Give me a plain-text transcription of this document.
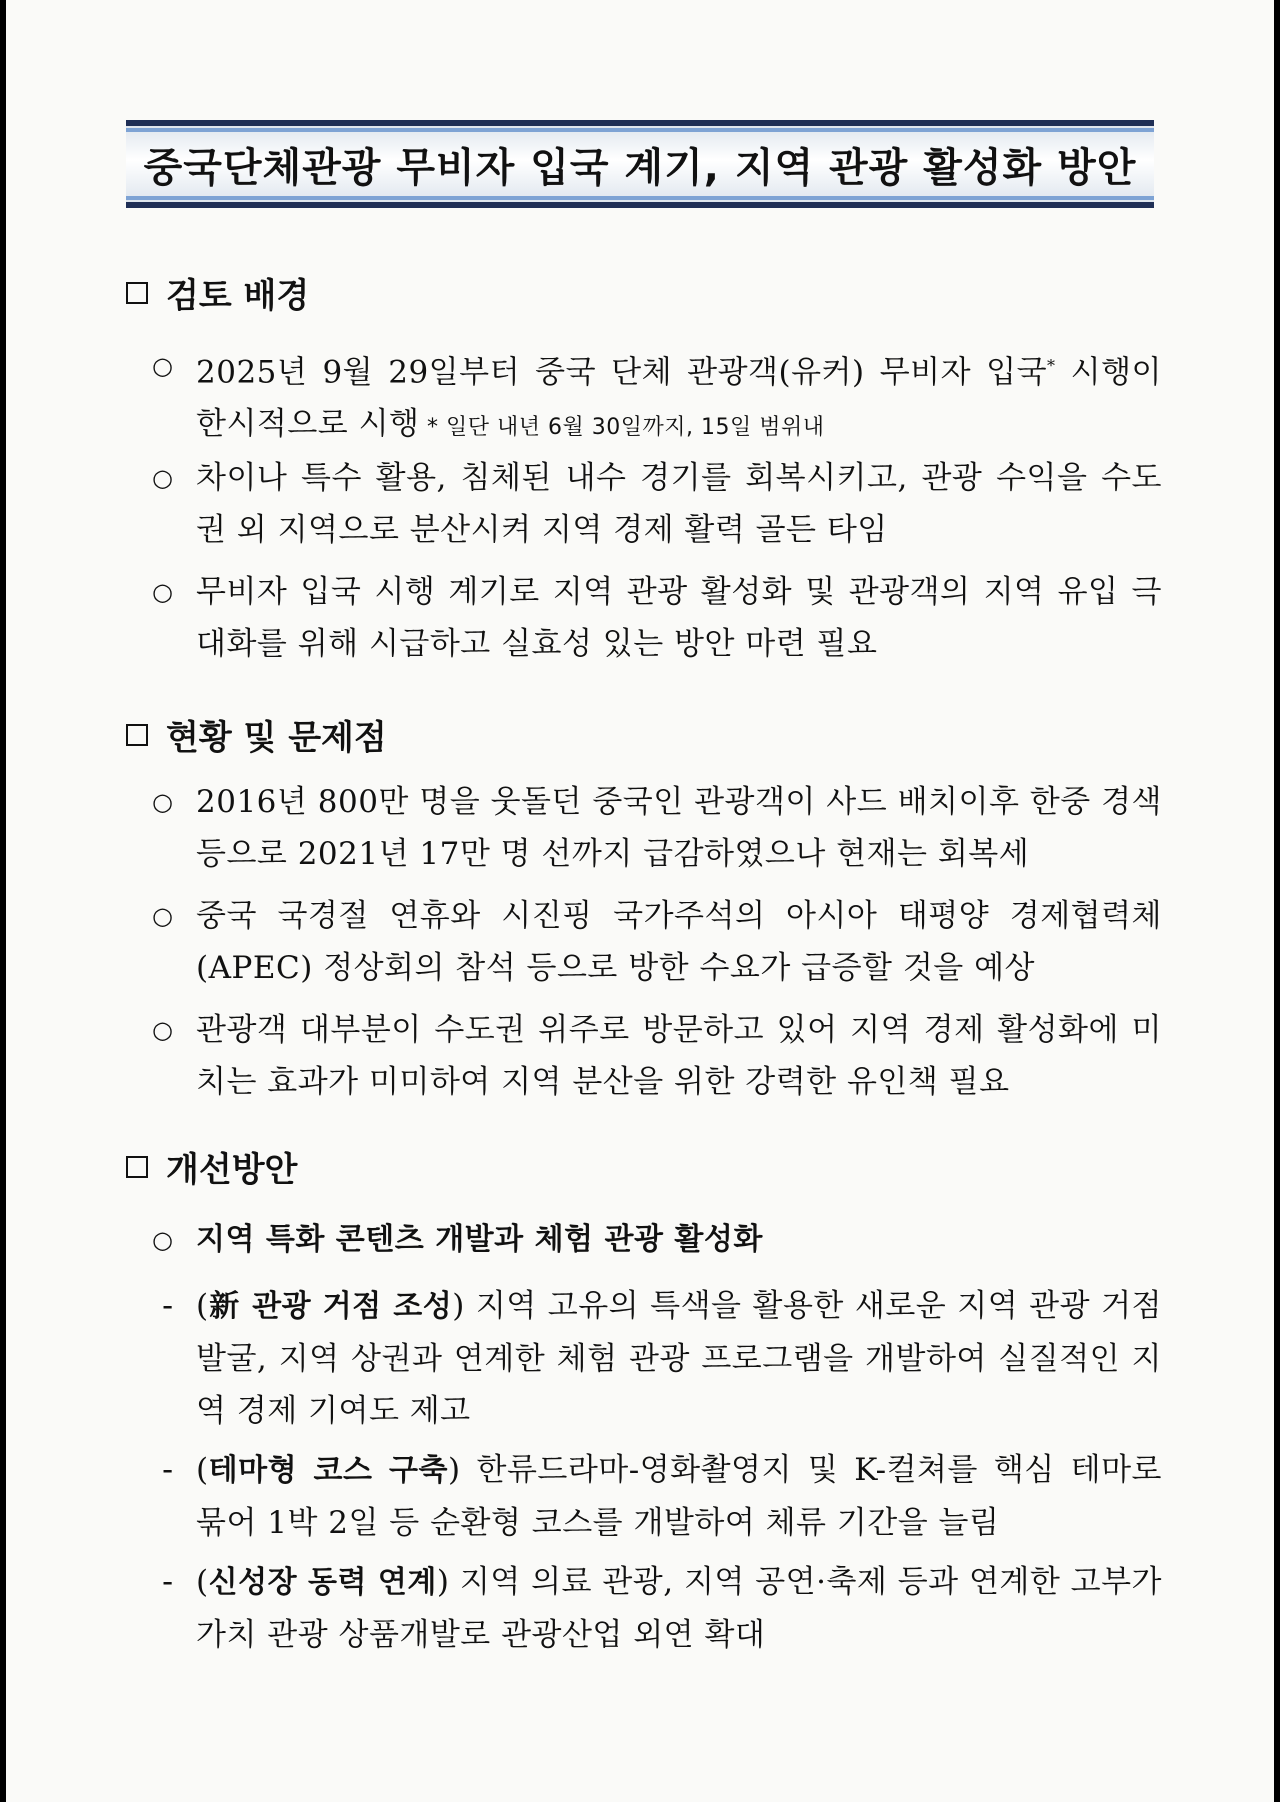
중국단체관광 무비자 입국 계기, 지역 관광 활성화 방안
검토 배경
○ 2025년 9월 29일부터 중국 단체 관광객(유커) 무비자 입국* 시행이 한시적으로 시행 * 일단 내년 6월 30일까지, 15일 범위내
○ 차이나 특수 활용, 침체된 내수 경기를 회복시키고, 관광 수익을 수도권 외 지역으로 분산시켜 지역 경제 활력 골든 타임
○ 무비자 입국 시행 계기로 지역 관광 활성화 및 관광객의 지역 유입 극대화를 위해 시급하고 실효성 있는 방안 마련 필요
현황 및 문제점
○ 2016년 800만 명을 웃돌던 중국인 관광객이 사드 배치이후 한중 경색 등으로 2021년 17만 명 선까지 급감하였으나 현재는 회복세
○ 중국 국경절 연휴와 시진핑 국가주석의 아시아 태평양 경제협력체(APEC) 정상회의 참석 등으로 방한 수요가 급증할 것을 예상
○ 관광객 대부분이 수도권 위주로 방문하고 있어 지역 경제 활성화에 미치는 효과가 미미하여 지역 분산을 위한 강력한 유인책 필요
개선방안
○ 지역 특화 콘텐츠 개발과 체험 관광 활성화
- (新 관광 거점 조성) 지역 고유의 특색을 활용한 새로운 지역 관광 거점 발굴, 지역 상권과 연계한 체험 관광 프로그램을 개발하여 실질적인 지역 경제 기여도 제고
- (테마형 코스 구축) 한류드라마-영화촬영지 및 K-컬쳐를 핵심 테마로 묶어 1박 2일 등 순환형 코스를 개발하여 체류 기간을 늘림
- (신성장 동력 연계) 지역 의료 관광, 지역 공연·축제 등과 연계한 고부가가치 관광 상품개발로 관광산업 외연 확대
